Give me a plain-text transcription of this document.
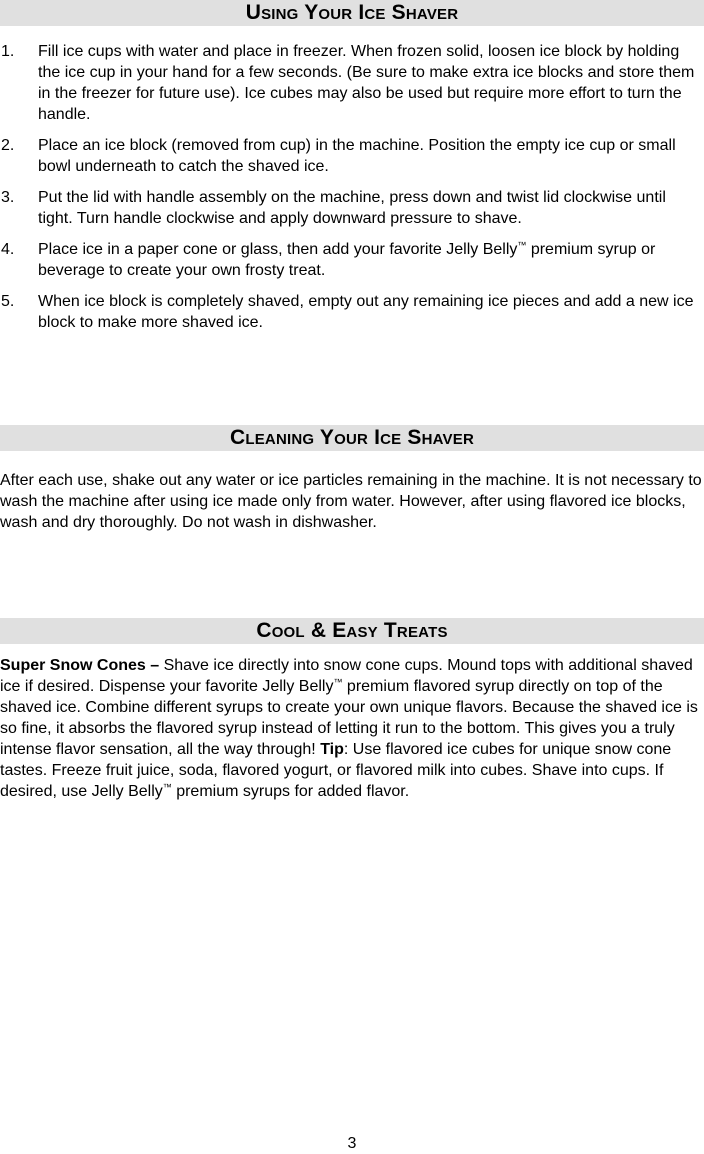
Using Your Ice Shaver

1. Fill ice cups with water and place in freezer. When frozen solid, loosen ice block by holding the ice cup in your hand for a few seconds. (Be sure to make extra ice blocks and store them in the freezer for future use). Ice cubes may also be used but require more effort to turn the handle.

2. Place an ice block (removed from cup) in the machine. Position the empty ice cup or small bowl underneath to catch the shaved ice.

3. Put the lid with handle assembly on the machine, press down and twist lid clockwise until tight. Turn handle clockwise and apply downward pressure to shave.

4. Place ice in a paper cone or glass, then add your favorite Jelly Belly™ premium syrup or beverage to create your own frosty treat.

5. When ice block is completely shaved, empty out any remaining ice pieces and add a new ice block to make more shaved ice.

Cleaning Your Ice Shaver

After each use, shake out any water or ice particles remaining in the machine. It is not necessary to wash the machine after using ice made only from water. However, after using flavored ice blocks, wash and dry thoroughly. Do not wash in dishwasher.

Cool & Easy Treats

Super Snow Cones – Shave ice directly into snow cone cups. Mound tops with additional shaved ice if desired. Dispense your favorite Jelly Belly™ premium flavored syrup directly on top of the shaved ice. Combine different syrups to create your own unique flavors. Because the shaved ice is so fine, it absorbs the flavored syrup instead of letting it run to the bottom. This gives you a truly intense flavor sensation, all the way through! Tip: Use flavored ice cubes for unique snow cone tastes. Freeze fruit juice, soda, flavored yogurt, or flavored milk into cubes. Shave into cups. If desired, use Jelly Belly™ premium syrups for added flavor.

3
